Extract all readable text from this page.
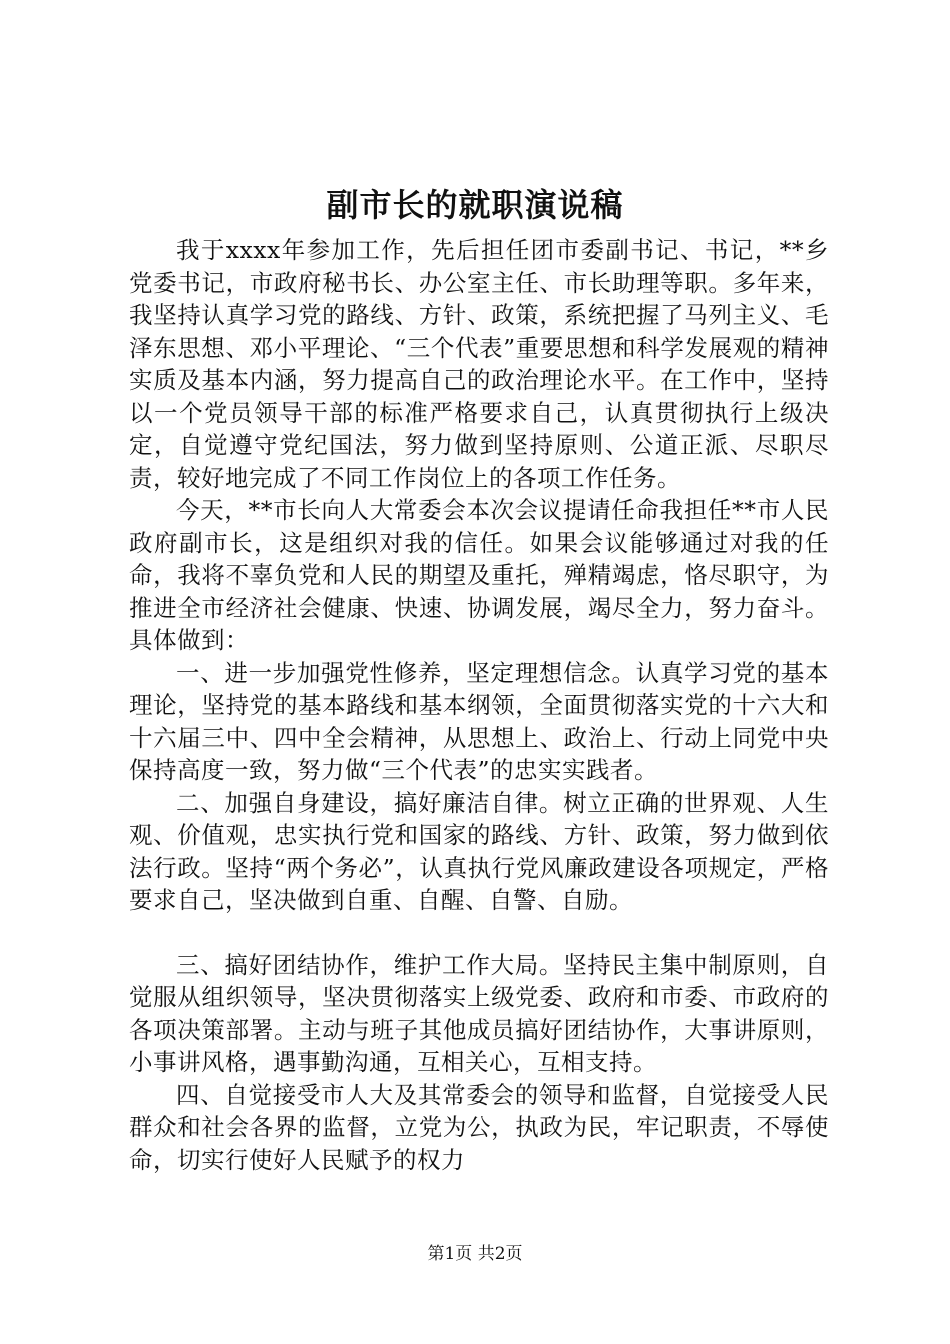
副市长的就职演说稿

我于xxxx年参加工作，先后担任团市委副书记、书记，**乡党委书记，市政府秘书长、办公室主任、市长助理等职。多年来，我坚持认真学习党的路线、方针、政策，系统把握了马列主义、毛泽东思想、邓小平理论、“三个代表”重要思想和科学发展观的精神实质及基本内涵，努力提高自己的政治理论水平。在工作中，坚持以一个党员领导干部的标准严格要求自己，认真贯彻执行上级决定，自觉遵守党纪国法，努力做到坚持原则、公道正派、尽职尽责，较好地完成了不同工作岗位上的各项工作任务。

今天，**市长向人大常委会本次会议提请任命我担任**市人民政府副市长，这是组织对我的信任。如果会议能够通过对我的任命，我将不辜负党和人民的期望及重托，殚精竭虑，恪尽职守，为推进全市经济社会健康、快速、协调发展，竭尽全力，努力奋斗。具体做到：

一、进一步加强党性修养，坚定理想信念。认真学习党的基本理论，坚持党的基本路线和基本纲领，全面贯彻落实党的十六大和十六届三中、四中全会精神，从思想上、政治上、行动上同党中央保持高度一致，努力做“三个代表”的忠实实践者。

二、加强自身建设，搞好廉洁自律。树立正确的世界观、人生观、价值观，忠实执行党和国家的路线、方针、政策，努力做到依法行政。坚持“两个务必”，认真执行党风廉政建设各项规定，严格要求自己，坚决做到自重、自醒、自警、自励。

三、搞好团结协作，维护工作大局。坚持民主集中制原则，自觉服从组织领导，坚决贯彻落实上级党委、政府和市委、市政府的各项决策部署。主动与班子其他成员搞好团结协作，大事讲原则，小事讲风格，遇事勤沟通，互相关心，互相支持。

四、自觉接受市人大及其常委会的领导和监督，自觉接受人民群众和社会各界的监督，立党为公，执政为民，牢记职责，不辱使命，切实行使好人民赋予的权力

第1页 共2页
